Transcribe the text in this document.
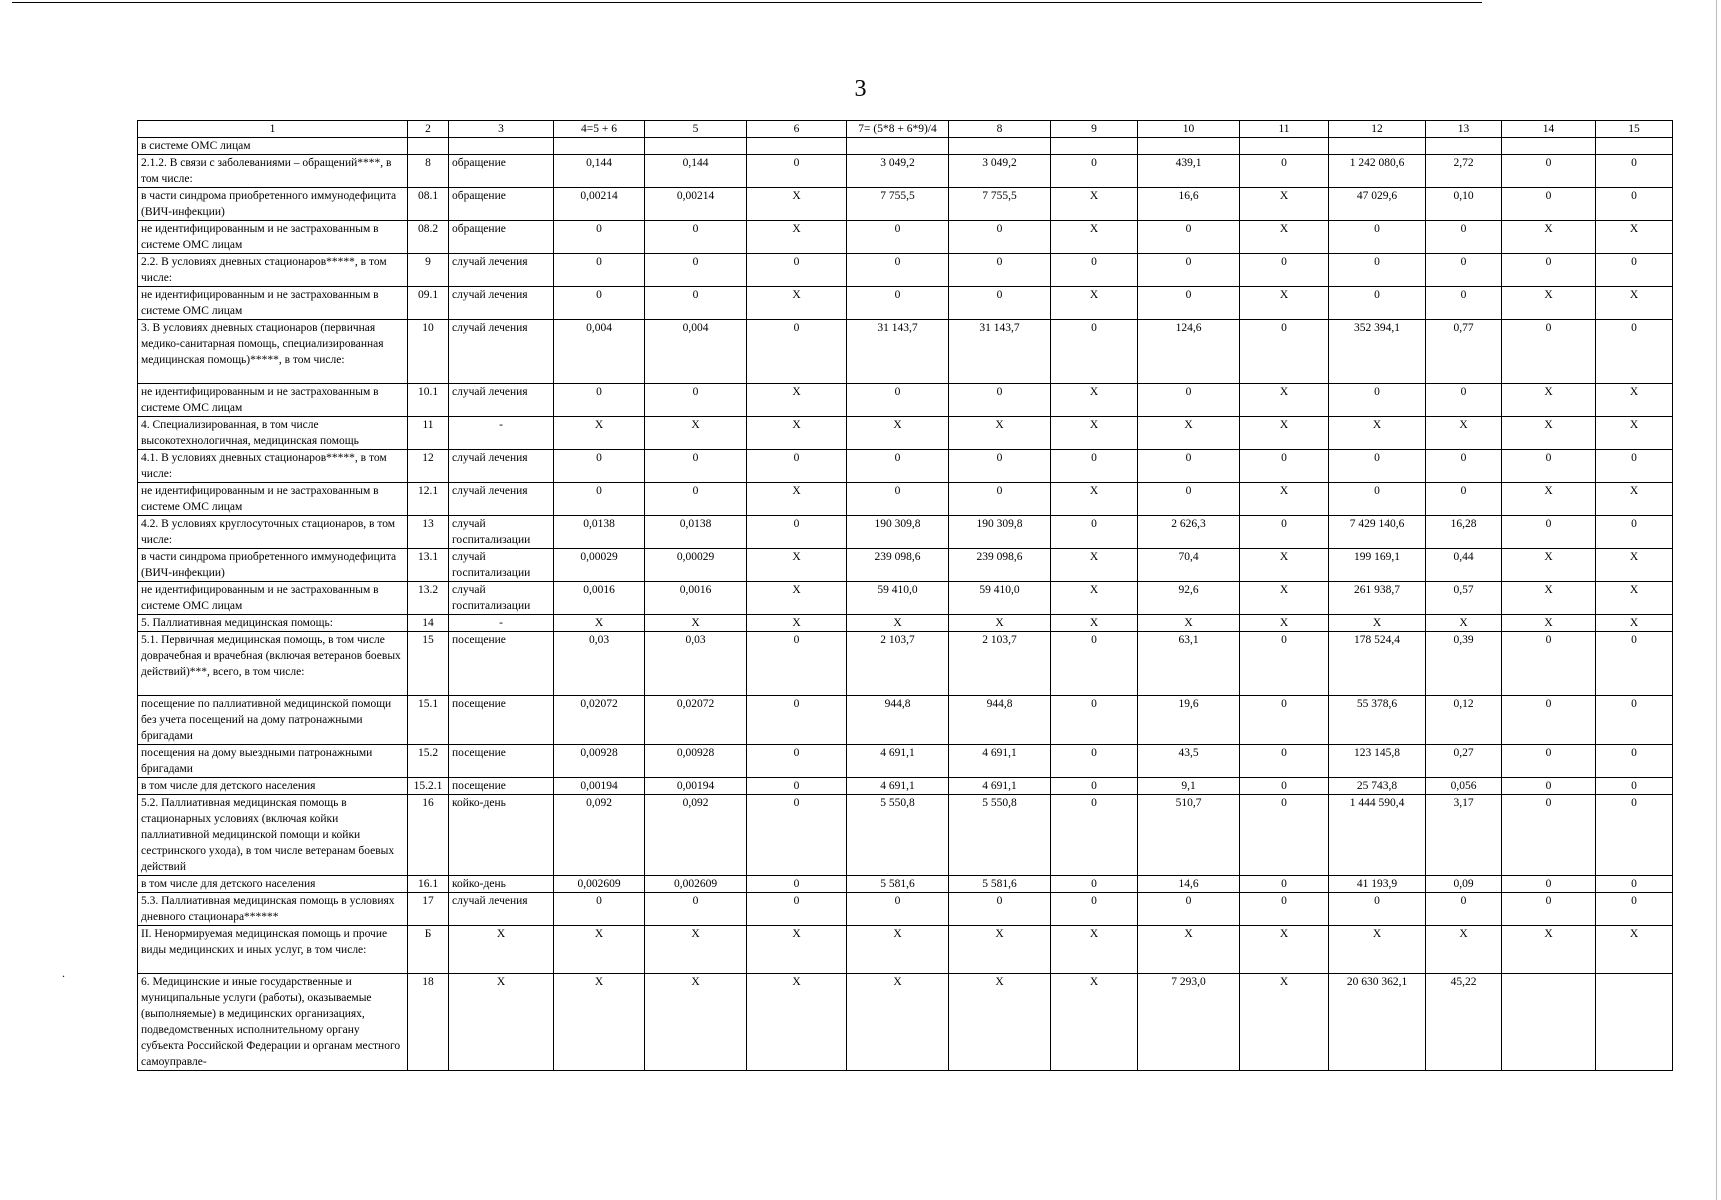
3
.
1	2	3	4=5 + 6	5	6	7= (5*8 + 6*9)/4	8	9	10	11	12	13	14	15
в системе ОМС лицам														
2.1.2. В связи с заболеваниями – обращений****, в том числе:	8	обращение	0,144	0,144	0	3 049,2	3 049,2	0	439,1	0	1 242 080,6	2,72	0	0
в части синдрома приобретенного иммунодефицита (ВИЧ-инфекции)	08.1	обращение	0,00214	0,00214	Х	7 755,5	7 755,5	Х	16,6	Х	47 029,6	0,10	0	0
не идентифицированным и не застрахованным в системе ОМС лицам	08.2	обращение	0	0	Х	0	0	Х	0	Х	0	0	Х	Х
2.2. В условиях дневных стационаров*****, в том числе:	9	случай лечения	0	0	0	0	0	0	0	0	0	0	0	0
не идентифицированным и не застрахованным в системе ОМС лицам	09.1	случай лечения	0	0	Х	0	0	Х	0	Х	0	0	Х	Х
3. В условиях дневных стационаров (первичная медико-санитарная помощь, специализированная медицинская помощь)*****, в том числе:	10	случай лечения	0,004	0,004	0	31 143,7	31 143,7	0	124,6	0	352 394,1	0,77	0	0
не идентифицированным и не застрахованным в системе ОМС лицам	10.1	случай лечения	0	0	Х	0	0	Х	0	Х	0	0	Х	Х
4. Специализированная, в том числе высокотехнологичная, медицинская помощь	11	-	Х	Х	Х	Х	Х	Х	Х	Х	Х	Х	Х	Х
4.1. В условиях дневных стационаров*****, в том числе:	12	случай лечения	0	0	0	0	0	0	0	0	0	0	0	0
не идентифицированным и не застрахованным в системе ОМС лицам	12.1	случай лечения	0	0	Х	0	0	Х	0	Х	0	0	Х	Х
4.2. В условиях круглосуточных стационаров, в том числе:	13	случай госпитализации	0,0138	0,0138	0	190 309,8	190 309,8	0	2 626,3	0	7 429 140,6	16,28	0	0
в части синдрома приобретенного иммунодефицита (ВИЧ-инфекции)	13.1	случай госпитализации	0,00029	0,00029	Х	239 098,6	239 098,6	Х	70,4	Х	199 169,1	0,44	Х	Х
не идентифицированным и не застрахованным в системе ОМС лицам	13.2	случай госпитализации	0,0016	0,0016	Х	59 410,0	59 410,0	Х	92,6	Х	261 938,7	0,57	Х	Х
5. Паллиативная медицинская помощь:	14	-	Х	Х	Х	Х	Х	Х	Х	Х	Х	Х	Х	Х
5.1. Первичная медицинская помощь, в том числе доврачебная и врачебная (включая ветеранов боевых действий)***, всего, в том числе:	15	посещение	0,03	0,03	0	2 103,7	2 103,7	0	63,1	0	178 524,4	0,39	0	0
посещение по паллиативной медицинской помощи без учета посещений на дому патронажными бригадами	15.1	посещение	0,02072	0,02072	0	944,8	944,8	0	19,6	0	55 378,6	0,12	0	0
посещения на дому выездными патронажными бригадами	15.2	посещение	0,00928	0,00928	0	4 691,1	4 691,1	0	43,5	0	123 145,8	0,27	0	0
в том числе для детского населения	15.2.1	посещение	0,00194	0,00194	0	4 691,1	4 691,1	0	9,1	0	25 743,8	0,056	0	0
5.2. Паллиативная медицинская помощь в стационарных условиях (включая койки паллиативной медицинской помощи и койки сестринского ухода), в том числе ветеранам боевых действий	16	койко-день	0,092	0,092	0	5 550,8	5 550,8	0	510,7	0	1 444 590,4	3,17	0	0
в том числе для детского населения	16.1	койко-день	0,002609	0,002609	0	5 581,6	5 581,6	0	14,6	0	41 193,9	0,09	0	0
5.3. Паллиативная медицинская помощь в условиях дневного стационара******	17	случай лечения	0	0	0	0	0	0	0	0	0	0	0	0
II. Ненормируемая медицинская помощь и прочие виды медицинских и иных услуг, в том числе:	Б	Х	Х	Х	Х	Х	Х	Х	Х	Х	Х	Х	Х	Х
6. Медицинские и иные государственные и муниципальные услуги (работы), оказываемые (выполняемые) в медицинских организациях, подведомственных исполнительному органу субъекта Российской Федерации и органам местного самоуправле-	18	Х	Х	Х	Х	Х	Х	Х	7 293,0	Х	20 630 362,1	45,22		
